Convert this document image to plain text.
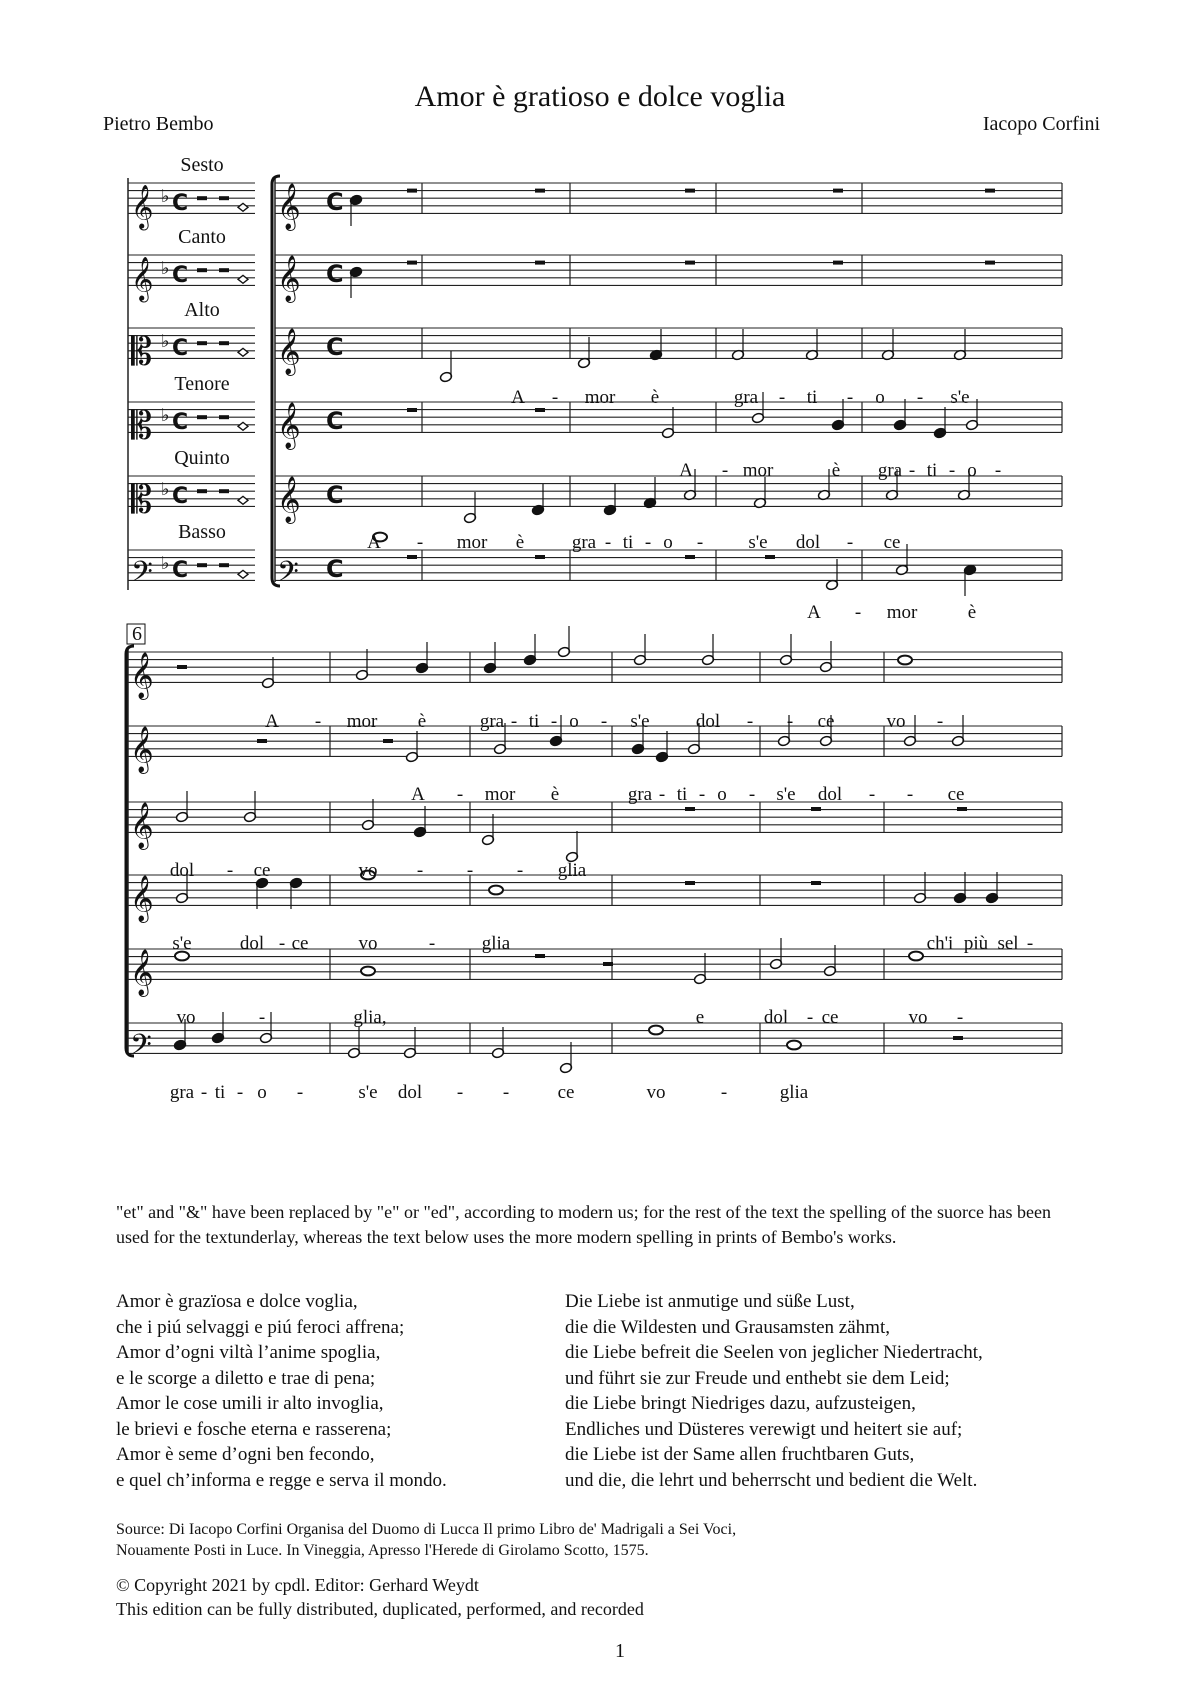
Amor è gratioso e dolce voglia
Pietro Bembo	Iacopo Corfini
Sesto
𝄞 ♭ C
Canto
𝄞 ♭ C
Alto
𝄡 ♭ C
Tenore
𝄡 ♭ C
Quinto
𝄡 ♭ C
Basso
𝄢 ♭ C
𝄞 C
𝄞 C
𝄞 C
𝄞 C
𝄞 C
𝄢 C
A - mor è	gra - ti - o - s'e
A - mor	è gra - ti - o -
A - mor è	gra - ti - o - s'e dol - ce
A - mor	è
𝄞
𝄞
𝄞
𝄞
𝄞
𝄢
6
A - mor è	gra - ti - o - s'e dol - - ce	vo -
A - mor è	gra - ti - o - s'e dol - - ce
dol - ce	vo - - - glia
s'e	dol - ce	vo	- glia	ch'i più sel -
vo	-	glia,	e	dol - ce	vo -
gra - ti - o -	s'e dol - -	ce	vo	-	glia
"et" and "&" have been replaced by "e" or "ed", according to modern us; for the rest of the text the spelling of the suorce has been used for the textunderlay, whereas the text below uses the more modern spelling in prints of Bembo's works.
Amor è grazïosa e dolce voglia,
che i piú selvaggi e piú feroci affrena;
Amor d’ogni viltà l’anime spoglia,
e le scorge a diletto e trae di pena;
Amor le cose umili ir alto invoglia,
le brievi e fosche eterna e rasserena;
Amor è seme d’ogni ben fecondo,
e quel ch’informa e regge e serva il mondo.
Die Liebe ist anmutige und süße Lust,
die die Wildesten und Grausamsten zähmt,
die Liebe befreit die Seelen von jeglicher Niedertracht,
und führt sie zur Freude und enthebt sie dem Leid;
die Liebe bringt Niedriges dazu, aufzusteigen,
Endliches und Düsteres verewigt und heitert sie auf;
die Liebe ist der Same allen fruchtbaren Guts,
und die, die lehrt und beherrscht und bedient die Welt.
Source: Di Iacopo Corfini Organisa del Duomo di Lucca Il primo Libro de' Madrigali a Sei Voci,
Nouamente Posti in Luce. In Vineggia, Apresso l'Herede di Girolamo Scotto, 1575.
© Copyright 2021 by cpdl. Editor: Gerhard Weydt
This edition can be fully distributed, duplicated, performed, and recorded
1
